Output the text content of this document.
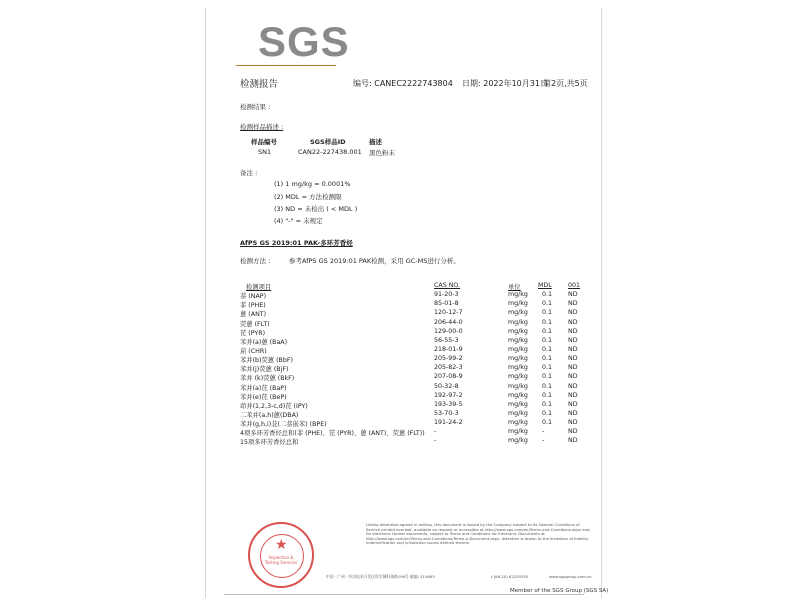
SGS
检测报告	编号: CANEC2222743804 日期: 2022年10月31日
第2页,共5页
检测结果 :
检测样品描述 :
样品编号	SGS样品ID	描述
SN1	CAN22-227438.001 黑色粉末
备注 :
(1) 1 mg/kg = 0.0001%
(2) MDL = 方法检测限
(3) ND = 未检出 ( < MDL )
(4) "-" = 未规定
AfPS GS 2019:01 PAK-多环芳香烃
检测方法 :	参考AfPS GS 2019:01 PAK检测，采用 GC-MS进行分析。
检测项目	CAS NO.	单位	MDL	001
萘 (NAP)	91-20-3	mg/kg	0.1	ND
菲 (PHE)	85-01-8	mg/kg	0.1	ND
蒽 (ANT)	120-12-7	mg/kg	0.1	ND
荧蒽 (FLT)	206-44-0	mg/kg	0.1	ND
芘 (PYR)	129-00-0	mg/kg	0.1	ND
苯并(a)蒽 (BaA)	56-55-3	mg/kg	0.1	ND
䓛 (CHR)	218-01-9	mg/kg	0.1	ND
苯并(b)荧蒽 (BbF)	205-99-2	mg/kg	0.1	ND
苯并(j)荧蒽 (BjF)	205-82-3	mg/kg	0.1	ND
苯并 (k)荧蒽 (BkF)	207-08-9	mg/kg	0.1	ND
苯并(a)芘 (BaP)	50-32-8	mg/kg	0.1	ND
苯并(e)芘 (BeP)	192-97-2	mg/kg	0.1	ND
茚并(1,2,3-c,d)芘 (IPY)	193-39-5	mg/kg	0.1	ND
二苯并(a,h)蒽(DBA)	53-70-3	mg/kg	0.1	ND
苯并(g,h,i)苝(二萘嵌苯) (BPE)	191-24-2	mg/kg	0.1	ND
4项多环芳香烃总和(菲 (PHE)、芘 (PYR)、蒽 (ANT)、荧蒽 (FLT))	-	mg/kg	-	ND
15项多环芳香烃总和	-	mg/kg	-	ND
★
Inspection & Testing Services
Unless otherwise agreed in writing, this document is issued by the Company subject to its General Conditions of Service printed overleaf, available on request or accessible at http://www.sgs.com/en/Terms-and-Conditions.aspx and, for electronic format documents, subject to Terms and Conditions for Electronic Documents at http://www.sgs.com/en/Terms-and-Conditions/Terms-e-Document.aspx. Attention is drawn to the limitation of liability, indemnification and jurisdiction issues defined therein.
中国 · 广州 · 经济技术开发区科学城科珠路198号 邮编: 510663	t (86-20) 82155555	www.sgsgroup.com.cn
Member of the SGS Group (SGS SA)
